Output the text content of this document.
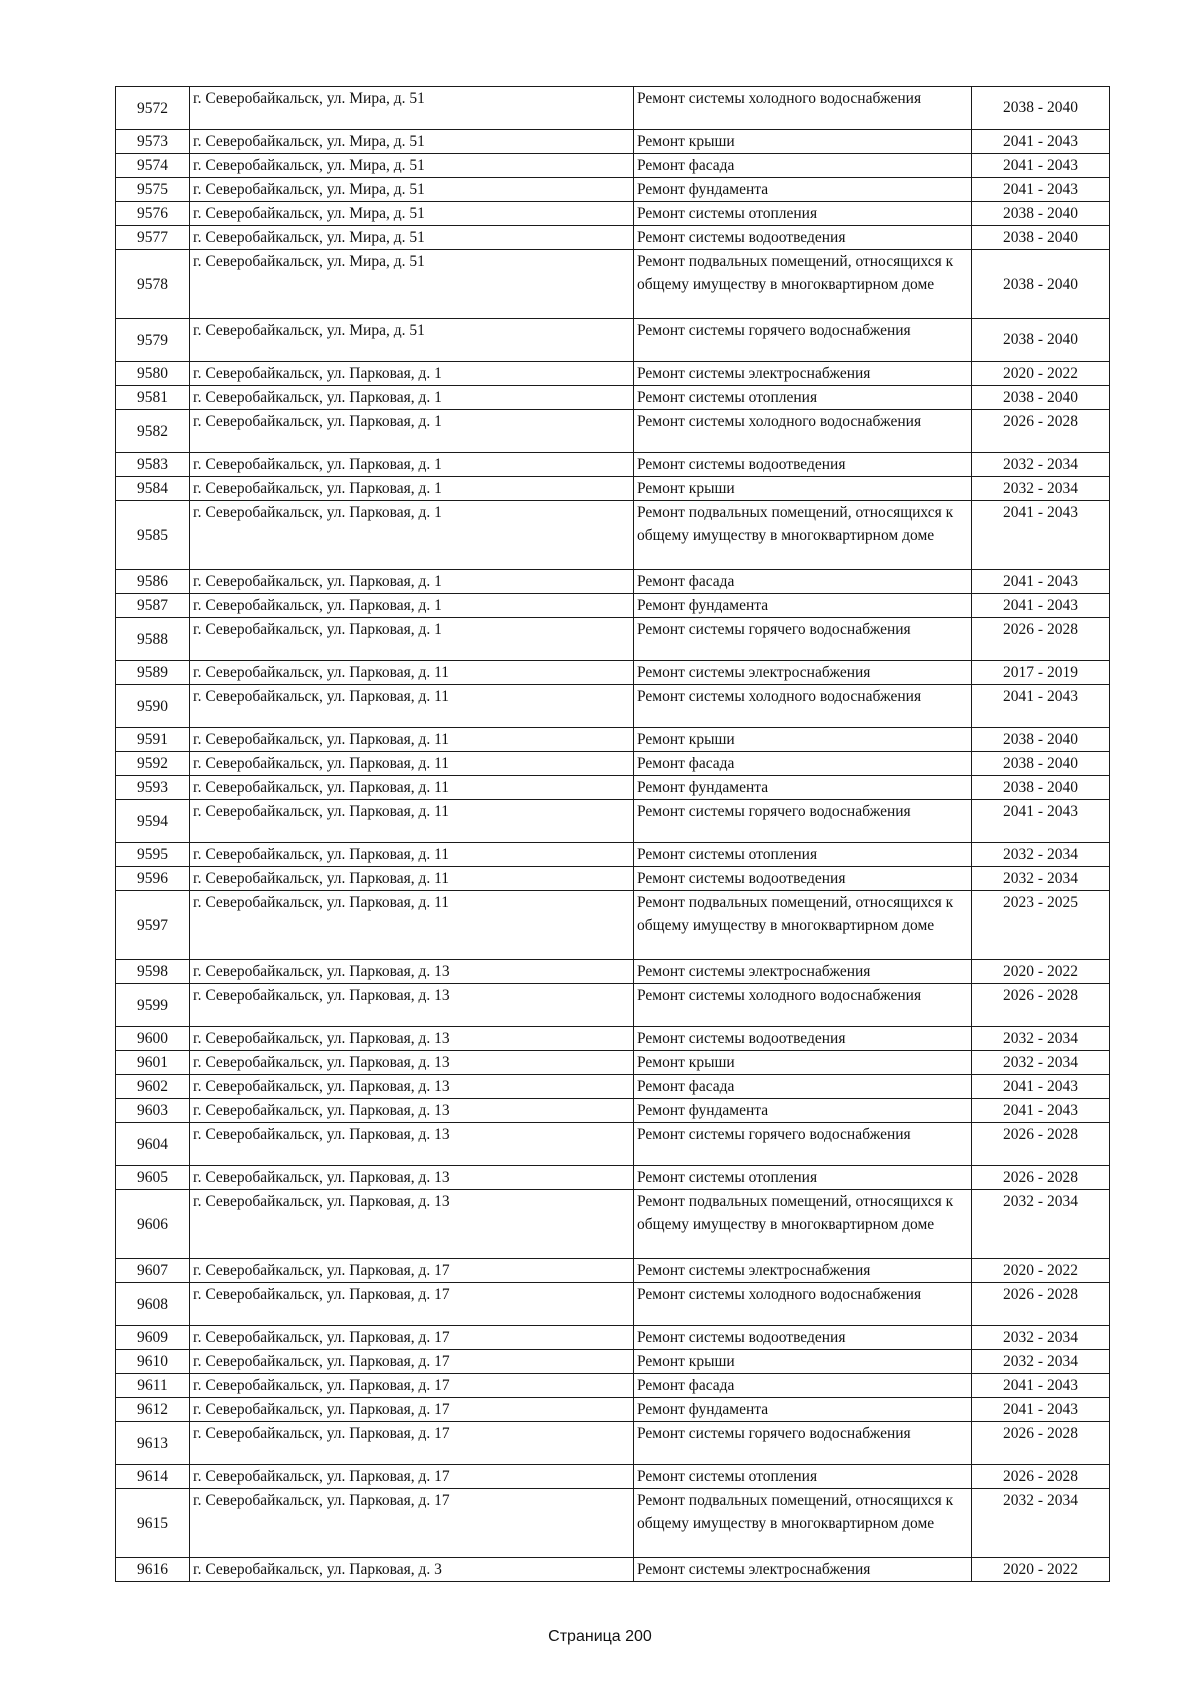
9572	г. Северобайкальск, ул. Мира, д. 51	Ремонт системы холодного водоснабжения	2038 - 2040
9573	г. Северобайкальск, ул. Мира, д. 51	Ремонт крыши	2041 - 2043
9574	г. Северобайкальск, ул. Мира, д. 51	Ремонт фасада	2041 - 2043
9575	г. Северобайкальск, ул. Мира, д. 51	Ремонт фундамента	2041 - 2043
9576	г. Северобайкальск, ул. Мира, д. 51	Ремонт системы отопления	2038 - 2040
9577	г. Северобайкальск, ул. Мира, д. 51	Ремонт системы водоотведения	2038 - 2040
9578	г. Северобайкальск, ул. Мира, д. 51	Ремонт подвальных помещений, относящихся к общему имуществу в многоквартирном доме	2038 - 2040
9579	г. Северобайкальск, ул. Мира, д. 51	Ремонт системы горячего водоснабжения	2038 - 2040
9580	г. Северобайкальск, ул. Парковая, д. 1	Ремонт системы электроснабжения	2020 - 2022
9581	г. Северобайкальск, ул. Парковая, д. 1	Ремонт системы отопления	2038 - 2040
9582	г. Северобайкальск, ул. Парковая, д. 1	Ремонт системы холодного водоснабжения	2026 - 2028
9583	г. Северобайкальск, ул. Парковая, д. 1	Ремонт системы водоотведения	2032 - 2034
9584	г. Северобайкальск, ул. Парковая, д. 1	Ремонт крыши	2032 - 2034
9585	г. Северобайкальск, ул. Парковая, д. 1	Ремонт подвальных помещений, относящихся к общему имуществу в многоквартирном доме	2041 - 2043
9586	г. Северобайкальск, ул. Парковая, д. 1	Ремонт фасада	2041 - 2043
9587	г. Северобайкальск, ул. Парковая, д. 1	Ремонт фундамента	2041 - 2043
9588	г. Северобайкальск, ул. Парковая, д. 1	Ремонт системы горячего водоснабжения	2026 - 2028
9589	г. Северобайкальск, ул. Парковая, д. 11	Ремонт системы электроснабжения	2017 - 2019
9590	г. Северобайкальск, ул. Парковая, д. 11	Ремонт системы холодного водоснабжения	2041 - 2043
9591	г. Северобайкальск, ул. Парковая, д. 11	Ремонт крыши	2038 - 2040
9592	г. Северобайкальск, ул. Парковая, д. 11	Ремонт фасада	2038 - 2040
9593	г. Северобайкальск, ул. Парковая, д. 11	Ремонт фундамента	2038 - 2040
9594	г. Северобайкальск, ул. Парковая, д. 11	Ремонт системы горячего водоснабжения	2041 - 2043
9595	г. Северобайкальск, ул. Парковая, д. 11	Ремонт системы отопления	2032 - 2034
9596	г. Северобайкальск, ул. Парковая, д. 11	Ремонт системы водоотведения	2032 - 2034
9597	г. Северобайкальск, ул. Парковая, д. 11	Ремонт подвальных помещений, относящихся к общему имуществу в многоквартирном доме	2023 - 2025
9598	г. Северобайкальск, ул. Парковая, д. 13	Ремонт системы электроснабжения	2020 - 2022
9599	г. Северобайкальск, ул. Парковая, д. 13	Ремонт системы холодного водоснабжения	2026 - 2028
9600	г. Северобайкальск, ул. Парковая, д. 13	Ремонт системы водоотведения	2032 - 2034
9601	г. Северобайкальск, ул. Парковая, д. 13	Ремонт крыши	2032 - 2034
9602	г. Северобайкальск, ул. Парковая, д. 13	Ремонт фасада	2041 - 2043
9603	г. Северобайкальск, ул. Парковая, д. 13	Ремонт фундамента	2041 - 2043
9604	г. Северобайкальск, ул. Парковая, д. 13	Ремонт системы горячего водоснабжения	2026 - 2028
9605	г. Северобайкальск, ул. Парковая, д. 13	Ремонт системы отопления	2026 - 2028
9606	г. Северобайкальск, ул. Парковая, д. 13	Ремонт подвальных помещений, относящихся к общему имуществу в многоквартирном доме	2032 - 2034
9607	г. Северобайкальск, ул. Парковая, д. 17	Ремонт системы электроснабжения	2020 - 2022
9608	г. Северобайкальск, ул. Парковая, д. 17	Ремонт системы холодного водоснабжения	2026 - 2028
9609	г. Северобайкальск, ул. Парковая, д. 17	Ремонт системы водоотведения	2032 - 2034
9610	г. Северобайкальск, ул. Парковая, д. 17	Ремонт крыши	2032 - 2034
9611	г. Северобайкальск, ул. Парковая, д. 17	Ремонт фасада	2041 - 2043
9612	г. Северобайкальск, ул. Парковая, д. 17	Ремонт фундамента	2041 - 2043
9613	г. Северобайкальск, ул. Парковая, д. 17	Ремонт системы горячего водоснабжения	2026 - 2028
9614	г. Северобайкальск, ул. Парковая, д. 17	Ремонт системы отопления	2026 - 2028
9615	г. Северобайкальск, ул. Парковая, д. 17	Ремонт подвальных помещений, относящихся к общему имуществу в многоквартирном доме	2032 - 2034
9616	г. Северобайкальск, ул. Парковая, д. 3	Ремонт системы электроснабжения	2020 - 2022
Страница 200
